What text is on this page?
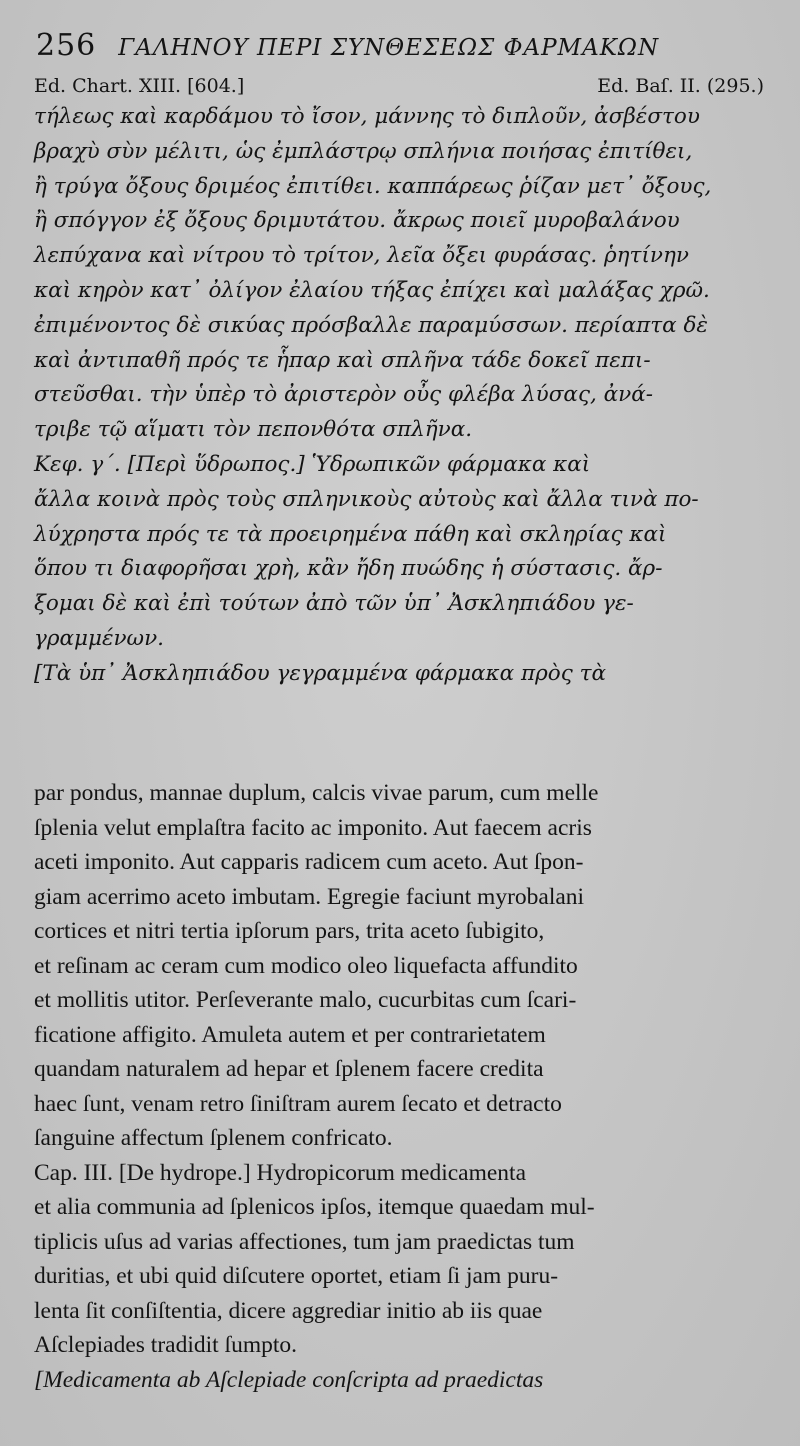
256 ΓΑΛΗΝΟΥ ΠΕΡΙ ΣΥΝΘΕΣΕΩΣ ΦΑΡΜΑΚΩΝ
Ed. Chart. XIII. [604.]	Ed. Baſ. II. (295.)
τήλεως καὶ καρδάμου τὸ ἴσον, μάννης τὸ διπλοῦν, ἀσβέστου
βραχὺ σὺν μέλιτι, ὡς ἐμπλάστρῳ σπλήνια ποιήσας ἐπιτίθει,
ἢ τρύγα ὄξους δριμέος ἐπιτίθει. καππάρεως ῥίζαν μετ᾽ ὄξους,
ἢ σπόγγον ἐξ ὄξους δριμυτάτου. ἄκρως ποιεῖ μυροβαλάνου
λεπύχανα καὶ νίτρου τὸ τρίτον, λεῖα ὄξει φυράσας. ῥητίνην
καὶ κηρὸν κατ᾽ ὀλίγον ἐλαίου τήξας ἐπίχει καὶ μαλάξας χρῶ.
ἐπιμένοντος δὲ σικύας πρόσβαλλε παραμύσσων. περίαπτα δὲ
καὶ ἀντιπαθῆ πρός τε ἧπαρ καὶ σπλῆνα τάδε δοκεῖ πεπι-
στεῦσθαι. τὴν ὑπὲρ τὸ ἀριστερὸν οὖς φλέβα λύσας, ἀνά-
τριβε τῷ αἵματι τὸν πεπονθότα σπλῆνα.
Κεφ. γ΄. [Περὶ ὕδρωπος.] Ὑδρωπικῶν φάρμακα καὶ
ἄλλα κοινὰ πρὸς τοὺς σπληνικοὺς αὐτοὺς καὶ ἄλλα τινὰ πο-
λύχρηστα πρός τε τὰ προειρημένα πάθη καὶ σκληρίας καὶ
ὅπου τι διαφορῆσαι χρὴ, κἂν ἤδη πυώδης ἡ σύστασις. ἄρ-
ξομαι δὲ καὶ ἐπὶ τούτων ἀπὸ τῶν ὑπ᾽ Ἀσκληπιάδου γε-
γραμμένων.
[Τὰ ὑπ᾽ Ἀσκληπιάδου γεγραμμένα φάρμακα πρὸς τὰ
par pondus, mannae duplum, calcis vivae parum, cum melle
ſplenia velut emplaſtra facito ac imponito. Aut faecem acris
aceti imponito. Aut capparis radicem cum aceto. Aut ſpon-
giam acerrimo aceto imbutam. Egregie faciunt myrobalani
cortices et nitri tertia ipſorum pars, trita aceto ſubigito,
et reſinam ac ceram cum modico oleo liquefacta affundito
et mollitis utitor. Perſeverante malo, cucurbitas cum ſcari-
ficatione affigito. Amuleta autem et per contrarietatem
quandam naturalem ad hepar et ſplenem facere credita
haec ſunt, venam retro ſiniſtram aurem ſecato et detracto
ſanguine affectum ſplenem confricato.
Cap. III. [De hydrope.] Hydropicorum medicamenta
et alia communia ad ſplenicos ipſos, itemque quaedam mul-
tiplicis uſus ad varias affectiones, tum jam praedictas tum
duritias, et ubi quid diſcutere oportet, etiam ſi jam puru-
lenta ſit conſiſtentia, dicere aggrediar initio ab iis quae
Aſclepiades tradidit ſumpto.
[Medicamenta ab Aſclepiade conſcripta ad praedictas
